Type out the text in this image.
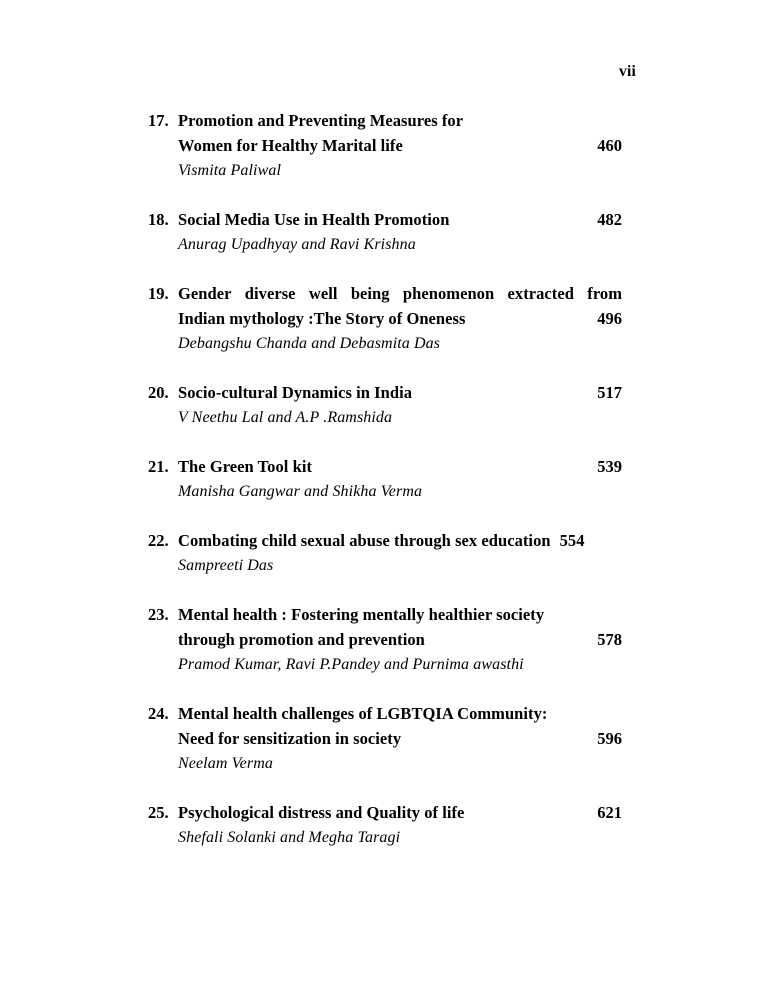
vii
17. Promotion and Preventing Measures for
Women for Healthy Marital life	460
Vismita Paliwal
18. Social Media Use in Health Promotion	482
Anurag Upadhyay and Ravi Krishna
19. Gender diverse well being phenomenon extracted from
Indian mythology :The Story of Oneness	496
Debangshu Chanda and Debasmita Das
20. Socio-cultural Dynamics in India	517
V Neethu Lal and A.P .Ramshida
21. The Green Tool kit	539
Manisha Gangwar and Shikha Verma
22. Combating child sexual abuse through sex education 554
Sampreeti Das
23. Mental health : Fostering mentally healthier society
through promotion and prevention	578
Pramod Kumar, Ravi P.Pandey and Purnima awasthi
24. Mental health challenges of LGBTQIA Community:
Need for sensitization in society	596
Neelam Verma
25. Psychological distress and Quality of life	621
Shefali Solanki and Megha Taragi
